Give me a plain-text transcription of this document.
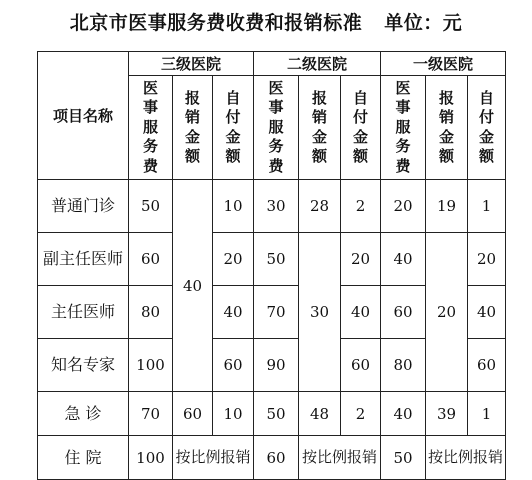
北京市医事服务费收费和报销标准 单位：元
项目名称	三级医院			二级医院			一级医院		
	医事服务费	报销金额	自付金额	医事服务费	报销金额	自付金额	医事服务费	报销金额	自付金额
普通门诊	50	40	10	30	28	2	20	19	1
副主任医师	60		20	50	30	20	40	20	20
主任医师	80		40	70		40	60		40
知名专家	100		60	90		60	80		60
急 诊	70	60	10	50	48	2	40	39	1
住 院	100	按比例报销		60	按比例报销		50	按比例报销	
